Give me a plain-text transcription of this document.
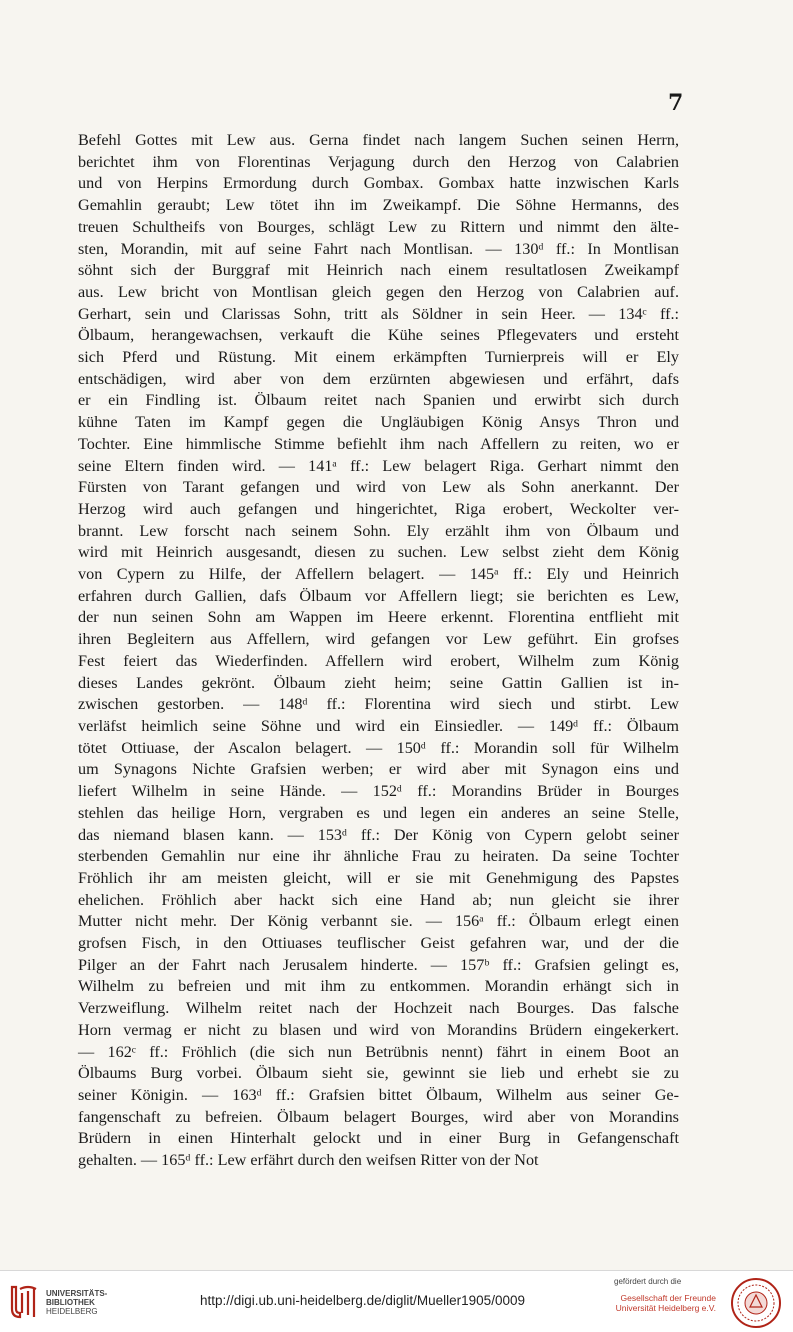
7
Befehl Gottes mit Lew aus. Gerna findet nach langem Suchen seinen Herrn,
berichtet ihm von Florentinas Verjagung durch den Herzog von Calabrien
und von Herpins Ermordung durch Gombax. Gombax hatte inzwischen Karls
Gemahlin geraubt; Lew tötet ihn im Zweikampf. Die Söhne Hermanns, des
treuen Schultheifs von Bourges, schlägt Lew zu Rittern und nimmt den älte-
sten, Morandin, mit auf seine Fahrt nach Montlisan. — 130ᵈ ff.: In Montlisan
söhnt sich der Burggraf mit Heinrich nach einem resultatlosen Zweikampf
aus. Lew bricht von Montlisan gleich gegen den Herzog von Calabrien auf.
Gerhart, sein und Clarissas Sohn, tritt als Söldner in sein Heer. — 134ᶜ ff.:
Ölbaum, herangewachsen, verkauft die Kühe seines Pflegevaters und ersteht
sich Pferd und Rüstung. Mit einem erkämpften Turnierpreis will er Ely
entschädigen, wird aber von dem erzürnten abgewiesen und erfährt, dafs
er ein Findling ist. Ölbaum reitet nach Spanien und erwirbt sich durch
kühne Taten im Kampf gegen die Ungläubigen König Ansys Thron und
Tochter. Eine himmlische Stimme befiehlt ihm nach Affellern zu reiten, wo er
seine Eltern finden wird. — 141ᵃ ff.: Lew belagert Riga. Gerhart nimmt den
Fürsten von Tarant gefangen und wird von Lew als Sohn anerkannt. Der
Herzog wird auch gefangen und hingerichtet, Riga erobert, Weckolter ver-
brannt. Lew forscht nach seinem Sohn. Ely erzählt ihm von Ölbaum und
wird mit Heinrich ausgesandt, diesen zu suchen. Lew selbst zieht dem König
von Cypern zu Hilfe, der Affellern belagert. — 145ᵃ ff.: Ely und Heinrich
erfahren durch Gallien, dafs Ölbaum vor Affellern liegt; sie berichten es Lew,
der nun seinen Sohn am Wappen im Heere erkennt. Florentina entflieht mit
ihren Begleitern aus Affellern, wird gefangen vor Lew geführt. Ein grofses
Fest feiert das Wiederfinden. Affellern wird erobert, Wilhelm zum König
dieses Landes gekrönt. Ölbaum zieht heim; seine Gattin Gallien ist in-
zwischen gestorben. — 148ᵈ ff.: Florentina wird siech und stirbt. Lew
verläfst heimlich seine Söhne und wird ein Einsiedler. — 149ᵈ ff.: Ölbaum
tötet Ottiuase, der Ascalon belagert. — 150ᵈ ff.: Morandin soll für Wilhelm
um Synagons Nichte Grafsien werben; er wird aber mit Synagon eins und
liefert Wilhelm in seine Hände. — 152ᵈ ff.: Morandins Brüder in Bourges
stehlen das heilige Horn, vergraben es und legen ein anderes an seine Stelle,
das niemand blasen kann. — 153ᵈ ff.: Der König von Cypern gelobt seiner
sterbenden Gemahlin nur eine ihr ähnliche Frau zu heiraten. Da seine Tochter
Fröhlich ihr am meisten gleicht, will er sie mit Genehmigung des Papstes
ehelichen. Fröhlich aber hackt sich eine Hand ab; nun gleicht sie ihrer
Mutter nicht mehr. Der König verbannt sie. — 156ᵃ ff.: Ölbaum erlegt einen
grofsen Fisch, in den Ottiuases teuflischer Geist gefahren war, und der die
Pilger an der Fahrt nach Jerusalem hinderte. — 157ᵇ ff.: Grafsien gelingt es,
Wilhelm zu befreien und mit ihm zu entkommen. Morandin erhängt sich in
Verzweiflung. Wilhelm reitet nach der Hochzeit nach Bourges. Das falsche
Horn vermag er nicht zu blasen und wird von Morandins Brüdern eingekerkert.
— 162ᶜ ff.: Fröhlich (die sich nun Betrübnis nennt) fährt in einem Boot an
Ölbaums Burg vorbei. Ölbaum sieht sie, gewinnt sie lieb und erhebt sie zu
seiner Königin. — 163ᵈ ff.: Grafsien bittet Ölbaum, Wilhelm aus seiner Ge-
fangenschaft zu befreien. Ölbaum belagert Bourges, wird aber von Morandins
Brüdern in einen Hinterhalt gelockt und in einer Burg in Gefangenschaft
gehalten. — 165ᵈ ff.: Lew erfährt durch den weifsen Ritter von der Not
UNIVERSITÄTS-
BIBLIOTHEK
HEIDELBERG
http://digi.ub.uni-heidelberg.de/diglit/Mueller1905/0009
gefördert durch die
Gesellschaft der Freunde
Universität Heidelberg e.V.
